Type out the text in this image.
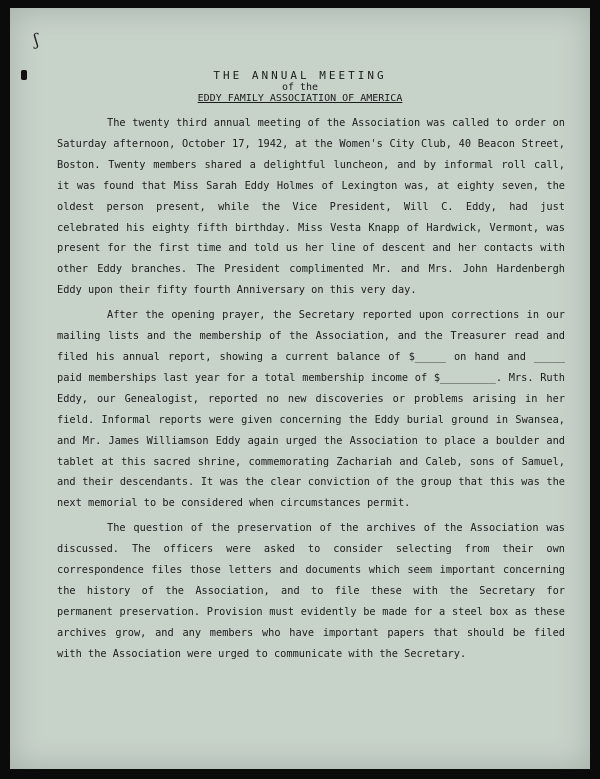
ʃ
THE ANNUAL MEETING
of the
EDDY FAMILY ASSOCIATION OF AMERICA

The twenty third annual meeting of the Association was called to order on Saturday afternoon, October 17, 1942, at the Women's City Club, 40 Beacon Street, Boston. Twenty members shared a delightful luncheon, and by informal roll call, it was found that Miss Sarah Eddy Holmes of Lexington was, at eighty seven, the oldest person present, while the Vice President, Will C. Eddy, had just celebrated his eighty fifth birthday. Miss Vesta Knapp of Hardwick, Vermont, was present for the first time and told us her line of descent and her contacts with other Eddy branches. The President complimented Mr. and Mrs. John Hardenbergh Eddy upon their fifty fourth Anniversary on this very day.

After the opening prayer, the Secretary reported upon corrections in our mailing lists and the membership of the Association, and the Treasurer read and filed his annual report, showing a current balance of $_____ on hand and _____ paid memberships last year for a total membership income of $_________. Mrs. Ruth Eddy, our Genealogist, reported no new discoveries or problems arising in her field. Informal reports were given concerning the Eddy burial ground in Swansea, and Mr. James Williamson Eddy again urged the Association to place a boulder and tablet at this sacred shrine, commemorating Zachariah and Caleb, sons of Samuel, and their descendants. It was the clear conviction of the group that this was the next memorial to be considered when circumstances permit.

The question of the preservation of the archives of the Association was discussed. The officers were asked to consider selecting from their own correspondence files those letters and documents which seem important concerning the history of the Association, and to file these with the Secretary for permanent preservation. Provision must evidently be made for a steel box as these archives grow, and any members who have important papers that should be filed with the Association were urged to communicate with the Secretary.
